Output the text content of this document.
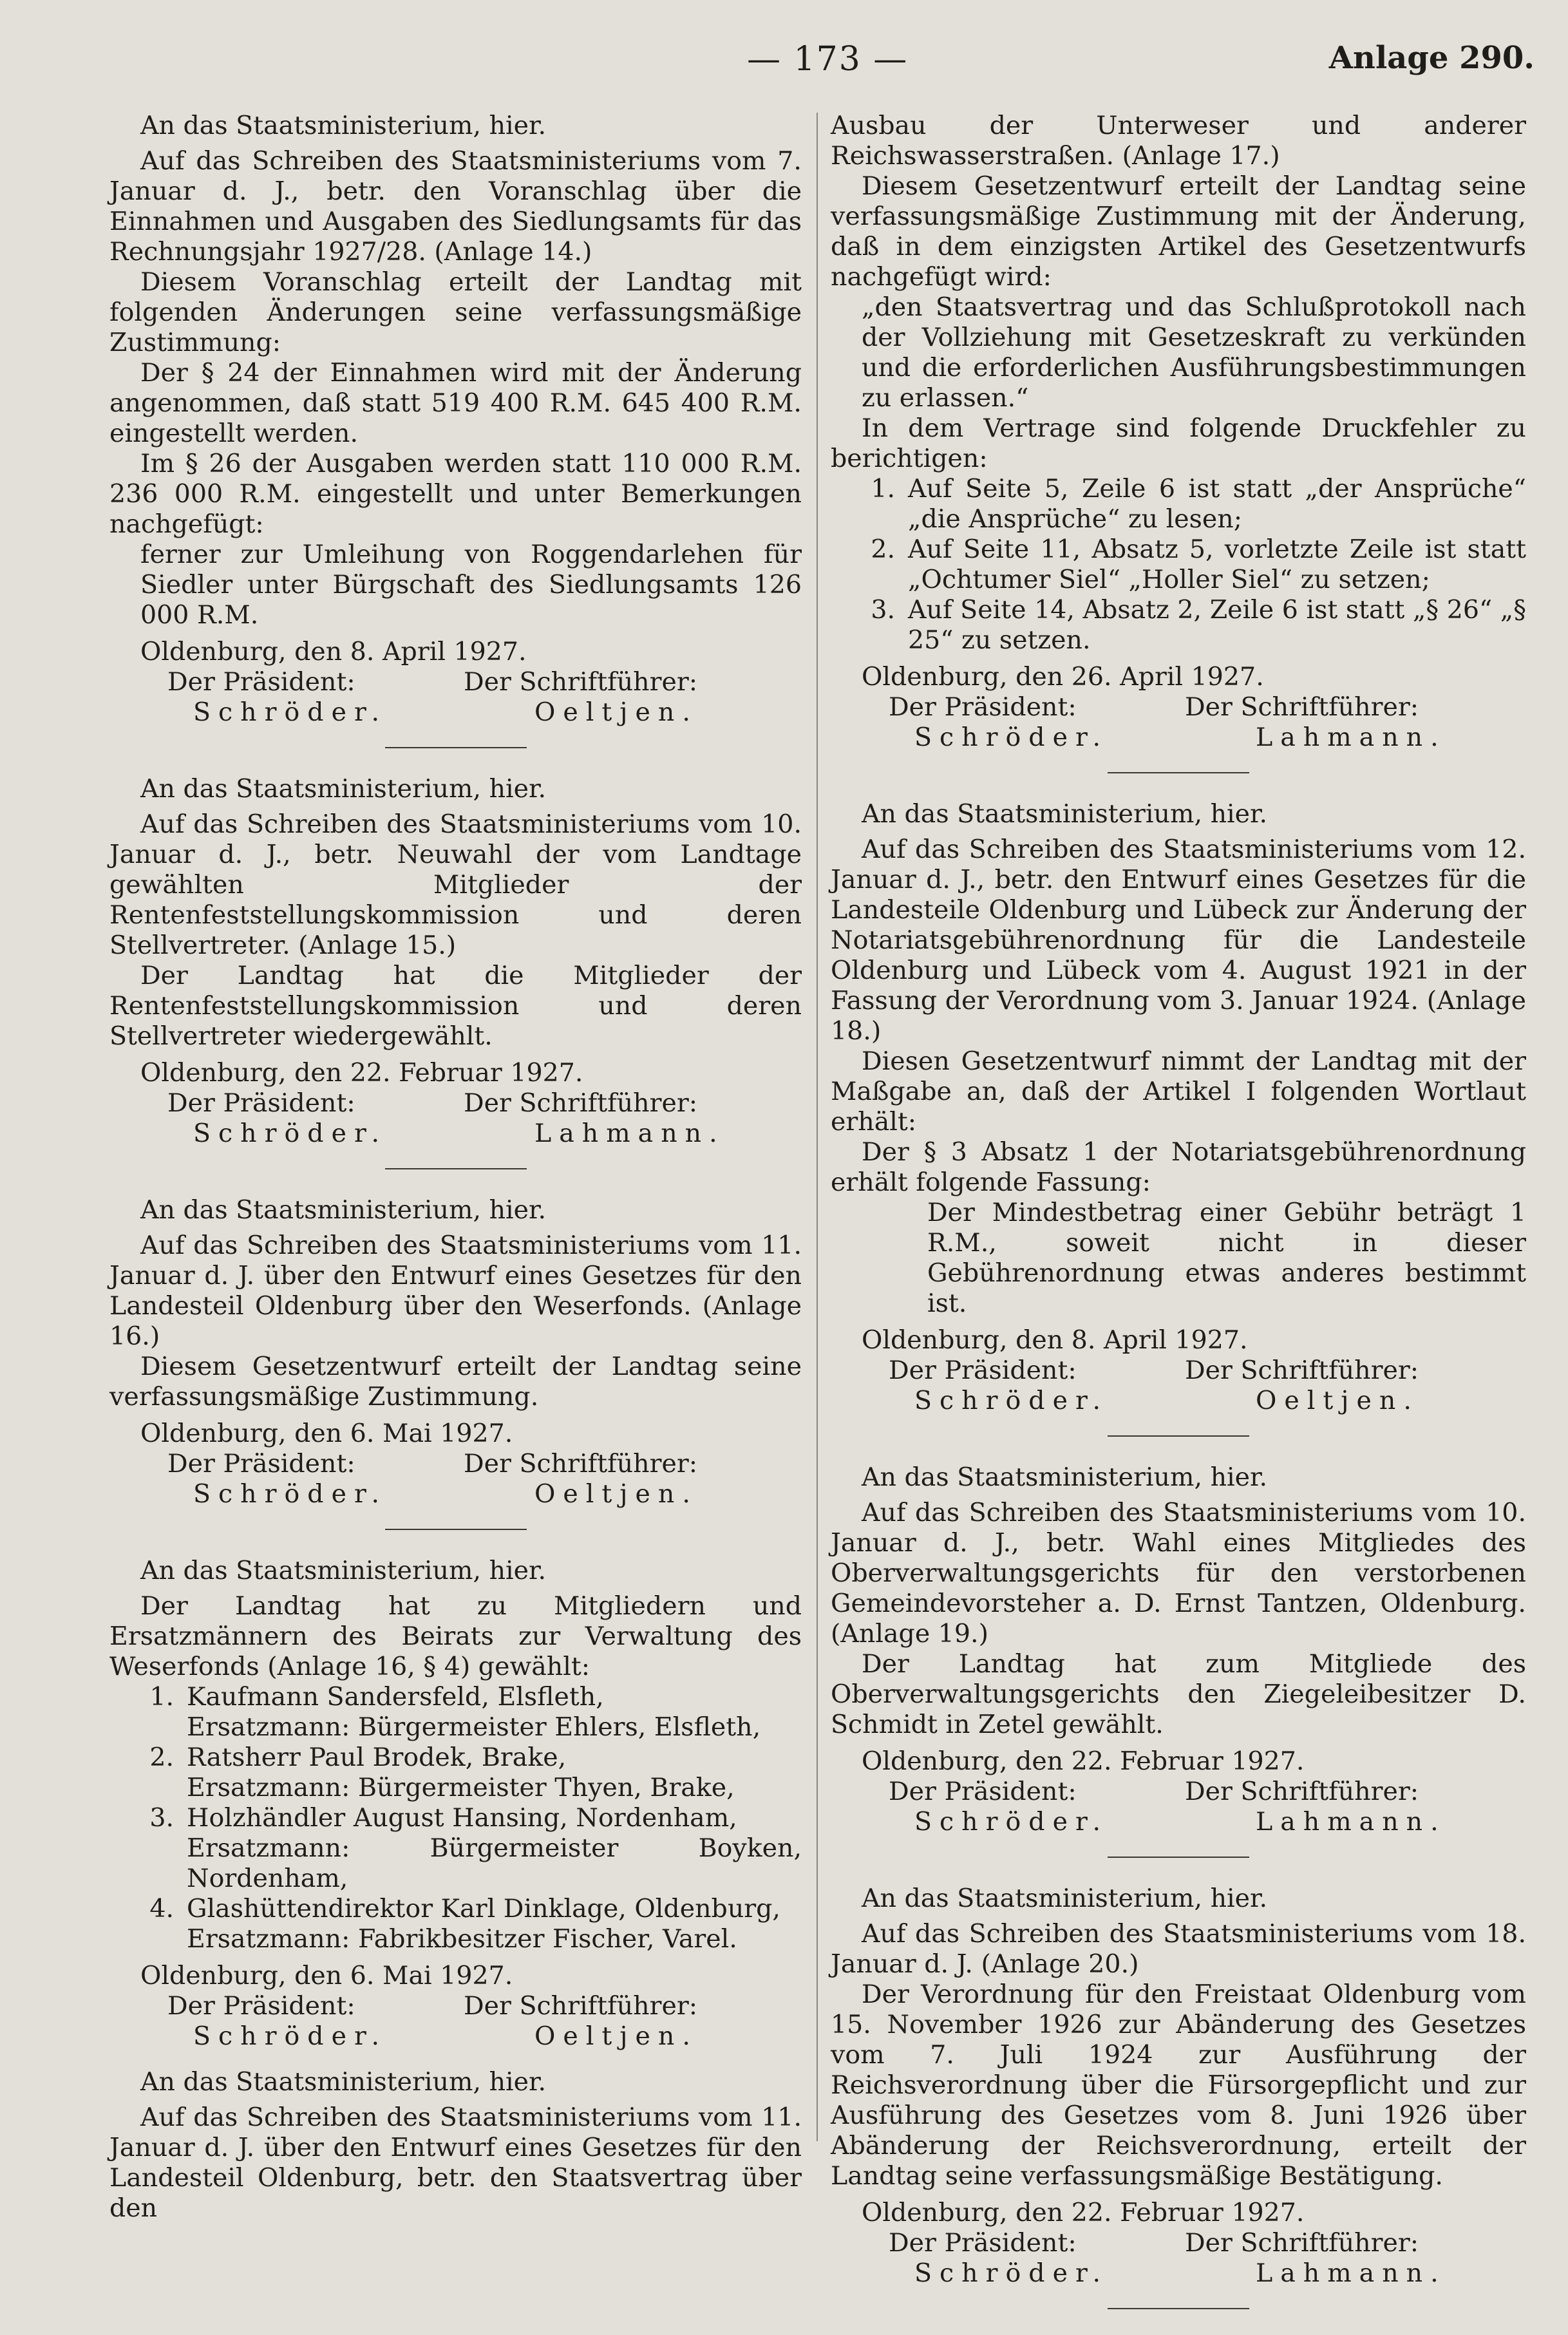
— 173 —	Anlage 290.

An das Staatsministerium, hier.

Auf das Schreiben des Staatsministeriums vom 7. Januar d. J., betr. den Voranschlag über die Einnahmen und Ausgaben des Siedlungsamts für das Rechnungsjahr 1927/28. (Anlage 14.)

Diesem Voranschlag erteilt der Landtag mit folgenden Änderungen seine verfassungsmäßige Zustimmung:

Der § 24 der Einnahmen wird mit der Änderung angenommen, daß statt 519 400 R.M. 645 400 R.M. eingestellt werden.

Im § 26 der Ausgaben werden statt 110 000 R.M. 236 000 R.M. eingestellt und unter Bemerkungen nachgefügt:

ferner zur Umleihung von Roggendarlehen für Siedler unter Bürgschaft des Siedlungsamts 126 000 R.M.

Oldenburg, den 8. April 1927.

Der Präsident:	Der Schriftführer:
Schröder.	Oeltjen.

An das Staatsministerium, hier.

Auf das Schreiben des Staatsministeriums vom 10. Januar d. J., betr. Neuwahl der vom Landtage gewählten Mitglieder der Rentenfeststellungskommission und deren Stellvertreter. (Anlage 15.)

Der Landtag hat die Mitglieder der Rentenfeststellungskommission und deren Stellvertreter wiedergewählt.

Oldenburg, den 22. Februar 1927.

Der Präsident:	Der Schriftführer:
Schröder.	Lahmann.

An das Staatsministerium, hier.

Auf das Schreiben des Staatsministeriums vom 11. Januar d. J. über den Entwurf eines Gesetzes für den Landesteil Oldenburg über den Weserfonds. (Anlage 16.)

Diesem Gesetzentwurf erteilt der Landtag seine verfassungsmäßige Zustimmung.

Oldenburg, den 6. Mai 1927.

Der Präsident:	Der Schriftführer:
Schröder.	Oeltjen.

An das Staatsministerium, hier.

Der Landtag hat zu Mitgliedern und Ersatzmännern des Beirats zur Verwaltung des Weserfonds (Anlage 16, § 4) gewählt:

1. Kaufmann Sandersfeld, Elsfleth,
Ersatzmann: Bürgermeister Ehlers, Elsfleth,
2. Ratsherr Paul Brodek, Brake,
Ersatzmann: Bürgermeister Thyen, Brake,
3. Holzhändler August Hansing, Nordenham,
Ersatzmann: Bürgermeister Boyken, Nordenham,
4. Glashüttendirektor Karl Dinklage, Oldenburg,
Ersatzmann: Fabrikbesitzer Fischer, Varel.

Oldenburg, den 6. Mai 1927.

Der Präsident:	Der Schriftführer:
Schröder.	Oeltjen.

An das Staatsministerium, hier.

Auf das Schreiben des Staatsministeriums vom 11. Januar d. J. über den Entwurf eines Gesetzes für den Landesteil Oldenburg, betr. den Staatsvertrag über den

Ausbau der Unterweser und anderer Reichswasserstraßen. (Anlage 17.)

Diesem Gesetzentwurf erteilt der Landtag seine verfassungsmäßige Zustimmung mit der Änderung, daß in dem einzigsten Artikel des Gesetzentwurfs nachgefügt wird:

„den Staatsvertrag und das Schlußprotokoll nach der Vollziehung mit Gesetzeskraft zu verkünden und die erforderlichen Ausführungsbestimmungen zu erlassen.“

In dem Vertrage sind folgende Druckfehler zu berichtigen:

1. Auf Seite 5, Zeile 6 ist statt „der Ansprüche“ „die Ansprüche“ zu lesen;
2. Auf Seite 11, Absatz 5, vorletzte Zeile ist statt „Ochtumer Siel“ „Holler Siel“ zu setzen;
3. Auf Seite 14, Absatz 2, Zeile 6 ist statt „§ 26“ „§ 25“ zu setzen.

Oldenburg, den 26. April 1927.

Der Präsident:	Der Schriftführer:
Schröder.	Lahmann.

An das Staatsministerium, hier.

Auf das Schreiben des Staatsministeriums vom 12. Januar d. J., betr. den Entwurf eines Gesetzes für die Landesteile Oldenburg und Lübeck zur Änderung der Notariatsgebührenordnung für die Landesteile Oldenburg und Lübeck vom 4. August 1921 in der Fassung der Verordnung vom 3. Januar 1924. (Anlage 18.)

Diesen Gesetzentwurf nimmt der Landtag mit der Maßgabe an, daß der Artikel I folgenden Wortlaut erhält:

Der § 3 Absatz 1 der Notariatsgebührenordnung erhält folgende Fassung:

Der Mindestbetrag einer Gebühr beträgt 1 R.M., soweit nicht in dieser Gebührenordnung etwas anderes bestimmt ist.

Oldenburg, den 8. April 1927.

Der Präsident:	Der Schriftführer:
Schröder.	Oeltjen.

An das Staatsministerium, hier.

Auf das Schreiben des Staatsministeriums vom 10. Januar d. J., betr. Wahl eines Mitgliedes des Oberverwaltungsgerichts für den verstorbenen Gemeindevorsteher a. D. Ernst Tantzen, Oldenburg. (Anlage 19.)

Der Landtag hat zum Mitgliede des Oberverwaltungsgerichts den Ziegeleibesitzer D. Schmidt in Zetel gewählt.

Oldenburg, den 22. Februar 1927.

Der Präsident:	Der Schriftführer:
Schröder.	Lahmann.

An das Staatsministerium, hier.

Auf das Schreiben des Staatsministeriums vom 18. Januar d. J. (Anlage 20.)

Der Verordnung für den Freistaat Oldenburg vom 15. November 1926 zur Abänderung des Gesetzes vom 7. Juli 1924 zur Ausführung der Reichsverordnung über die Fürsorgepflicht und zur Ausführung des Gesetzes vom 8. Juni 1926 über Abänderung der Reichsverordnung, erteilt der Landtag seine verfassungsmäßige Bestätigung.

Oldenburg, den 22. Februar 1927.

Der Präsident:	Der Schriftführer:
Schröder.	Lahmann.
